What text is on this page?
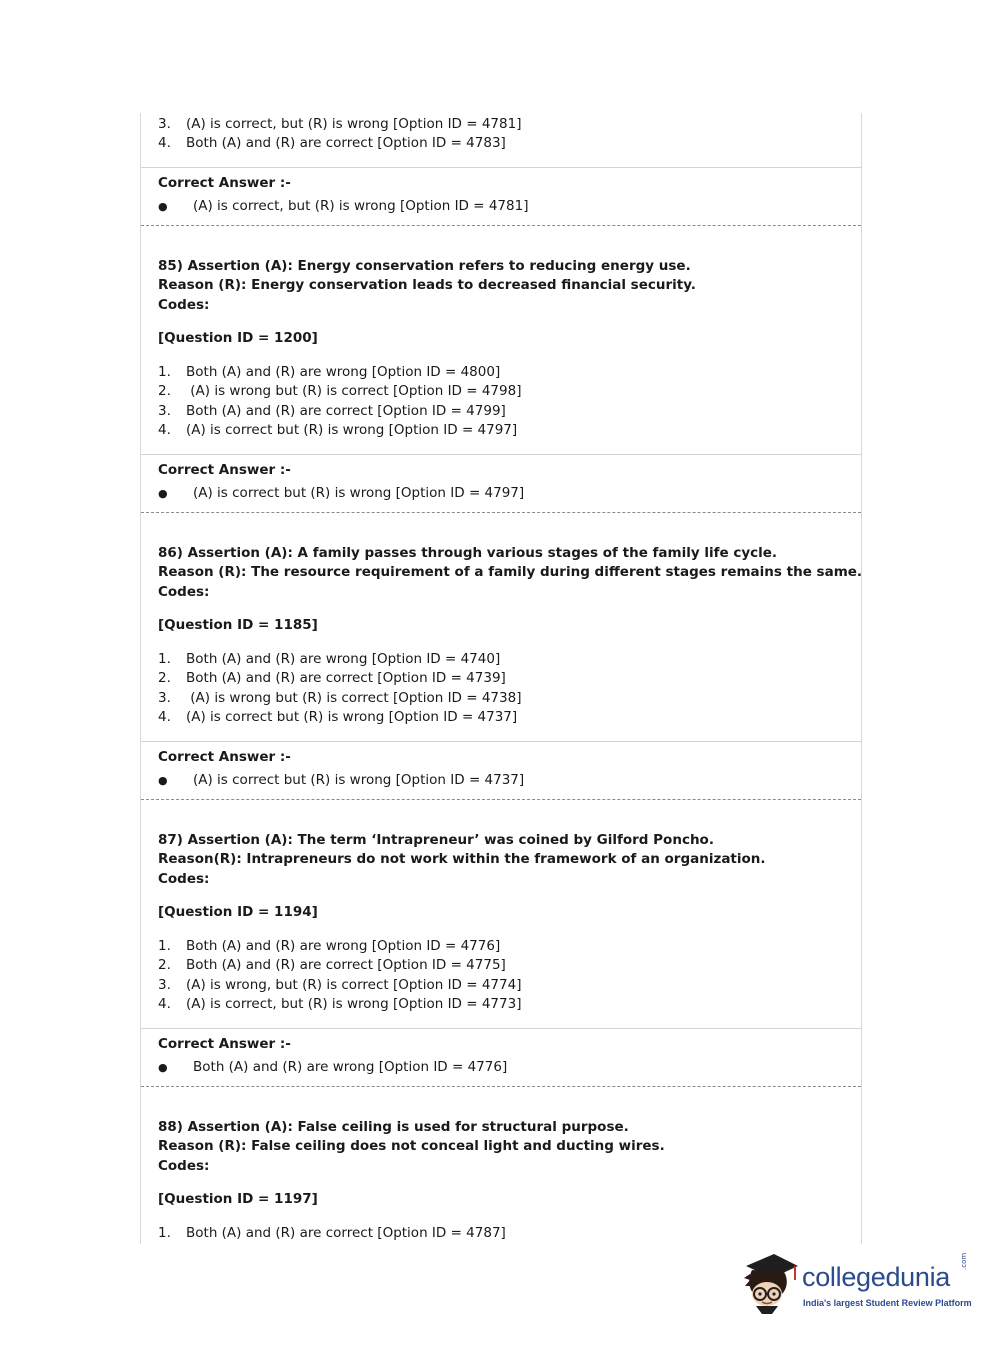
3. (A) is correct, but (R) is wrong [Option ID = 4781]
4. Both (A) and (R) are correct [Option ID = 4783]
Correct Answer :-
● (A) is correct, but (R) is wrong [Option ID = 4781]
85) Assertion (A): Energy conservation refers to reducing energy use.
Reason (R): Energy conservation leads to decreased financial security.
Codes:
[Question ID = 1200]
1. Both (A) and (R) are wrong [Option ID = 4800]
2. (A) is wrong but (R) is correct [Option ID = 4798]
3. Both (A) and (R) are correct [Option ID = 4799]
4. (A) is correct but (R) is wrong [Option ID = 4797]
Correct Answer :-
● (A) is correct but (R) is wrong [Option ID = 4797]
86) Assertion (A): A family passes through various stages of the family life cycle.
Reason (R): The resource requirement of a family during different stages remains the same.
Codes:
[Question ID = 1185]
1. Both (A) and (R) are wrong [Option ID = 4740]
2. Both (A) and (R) are correct [Option ID = 4739]
3. (A) is wrong but (R) is correct [Option ID = 4738]
4. (A) is correct but (R) is wrong [Option ID = 4737]
Correct Answer :-
● (A) is correct but (R) is wrong [Option ID = 4737]
87) Assertion (A): The term ‘Intrapreneur’ was coined by Gilford Poncho.
Reason(R): Intrapreneurs do not work within the framework of an organization.
Codes:
[Question ID = 1194]
1. Both (A) and (R) are wrong [Option ID = 4776]
2. Both (A) and (R) are correct [Option ID = 4775]
3. (A) is wrong, but (R) is correct [Option ID = 4774]
4. (A) is correct, but (R) is wrong [Option ID = 4773]
Correct Answer :-
● Both (A) and (R) are wrong [Option ID = 4776]
88) Assertion (A): False ceiling is used for structural purpose.
Reason (R): False ceiling does not conceal light and ducting wires.
Codes:
[Question ID = 1197]
1. Both (A) and (R) are correct [Option ID = 4787]
collegedunia
.com
India's largest Student Review Platform
